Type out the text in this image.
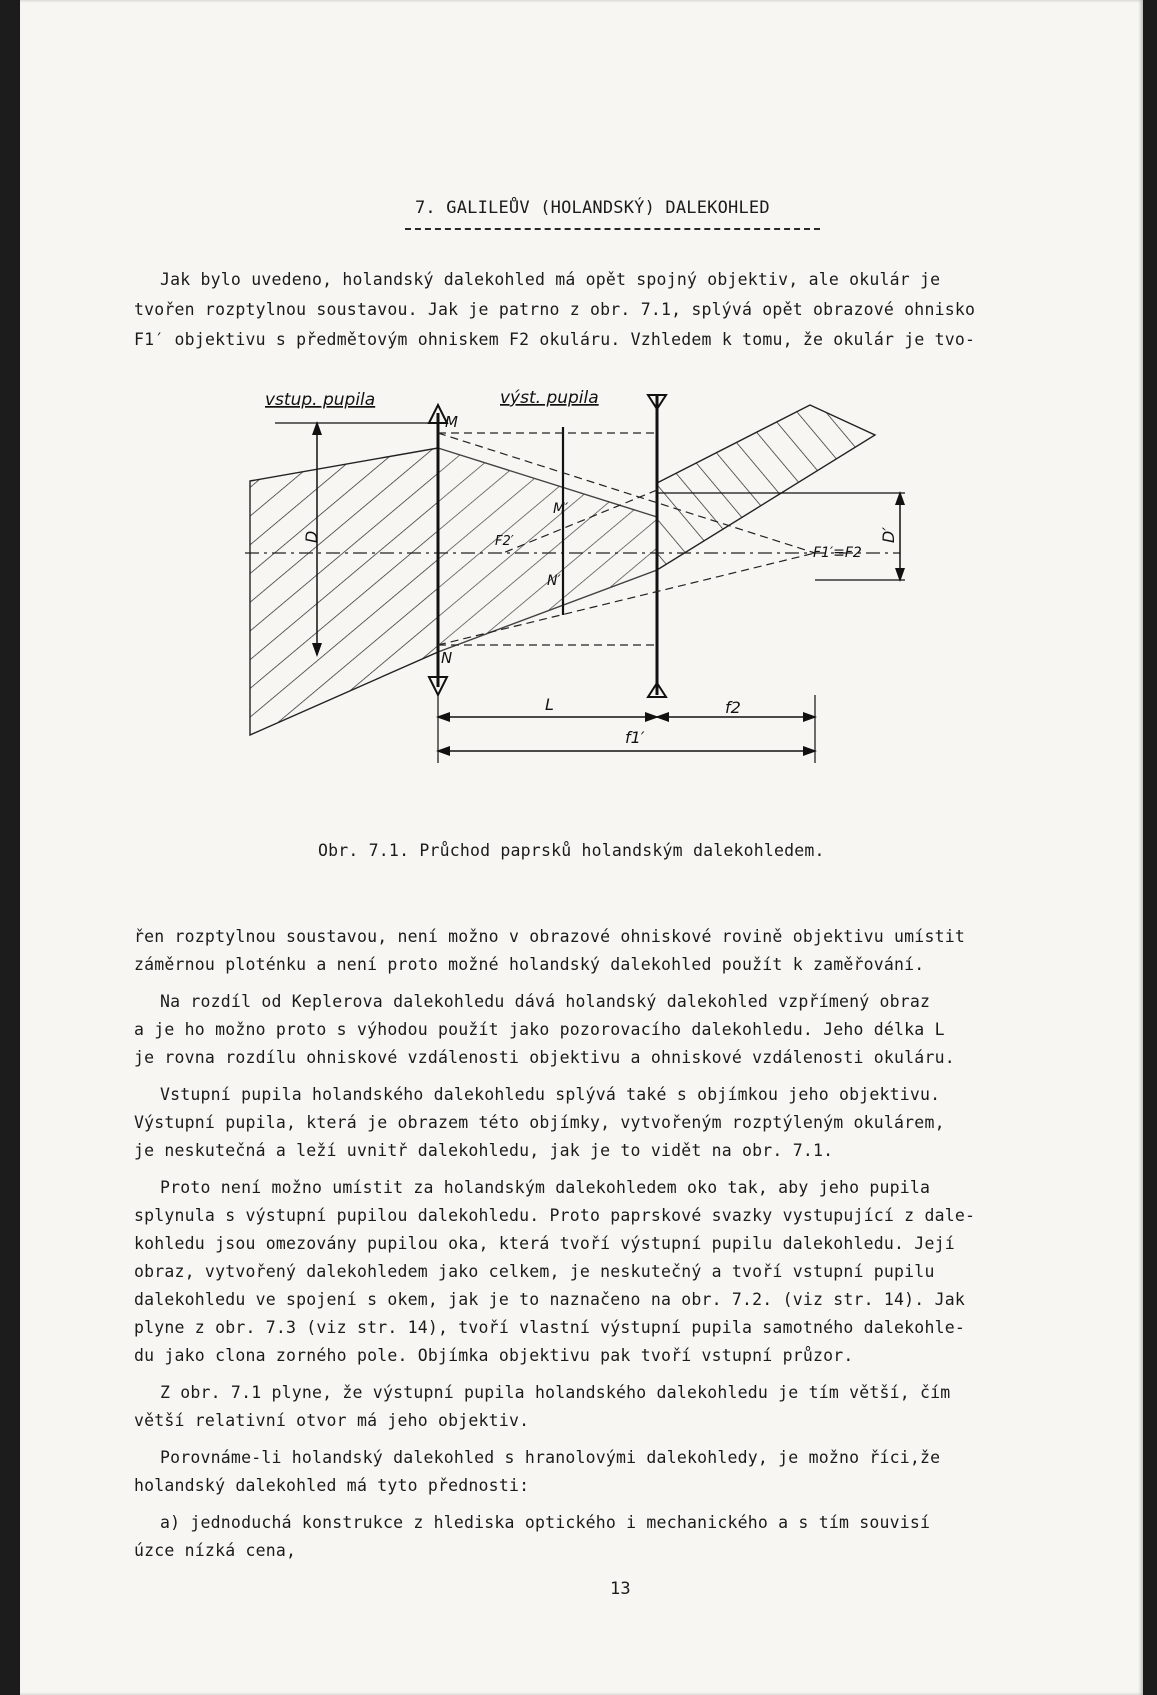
7. GALILEŮV (HOLANDSKÝ) DALEKOHLED
Jak bylo uvedeno, holandský dalekohled má opět spojný objektiv, ale okulár je
tvořen rozptylnou soustavou. Jak je patrno z obr. 7.1, splývá opět obrazové ohnisko
F1′ objektivu s předmětovým ohniskem F2 okuláru. Vzhledem k tomu, že okulár je tvo-
vstup. pupila	výst. pupila
M
N
M′
N′
F2′
D	D′
F1′≡F2
L	f2
f1′
Obr. 7.1. Průchod paprsků holandským dalekohledem.
řen rozptylnou soustavou, není možno v obrazové ohniskové rovině objektivu umístit
záměrnou ploténku a není proto možné holandský dalekohled použít k zaměřování.
Na rozdíl od Keplerova dalekohledu dává holandský dalekohled vzpřímený obraz
a je ho možno proto s výhodou použít jako pozorovacího dalekohledu. Jeho délka L
je rovna rozdílu ohniskové vzdálenosti objektivu a ohniskové vzdálenosti okuláru.
Vstupní pupila holandského dalekohledu splývá také s objímkou jeho objektivu.
Výstupní pupila, která je obrazem této objímky, vytvořeným rozptýleným okulárem,
je neskutečná a leží uvnitř dalekohledu, jak je to vidět na obr. 7.1.
Proto není možno umístit za holandským dalekohledem oko tak, aby jeho pupila
splynula s výstupní pupilou dalekohledu. Proto paprskové svazky vystupující z dale-
kohledu jsou omezovány pupilou oka, která tvoří výstupní pupilu dalekohledu. Její
obraz, vytvořený dalekohledem jako celkem, je neskutečný a tvoří vstupní pupilu
dalekohledu ve spojení s okem, jak je to naznačeno na obr. 7.2. (viz str. 14). Jak
plyne z obr. 7.3 (viz str. 14), tvoří vlastní výstupní pupila samotného dalekohle-
du jako clona zorného pole. Objímka objektivu pak tvoří vstupní průzor.
Z obr. 7.1 plyne, že výstupní pupila holandského dalekohledu je tím větší, čím
větší relativní otvor má jeho objektiv.
Porovnáme-li holandský dalekohled s hranolovými dalekohledy, je možno říci,že
holandský dalekohled má tyto přednosti:
a) jednoduchá konstrukce z hlediska optického i mechanického a s tím souvisí
úzce nízká cena,
13
